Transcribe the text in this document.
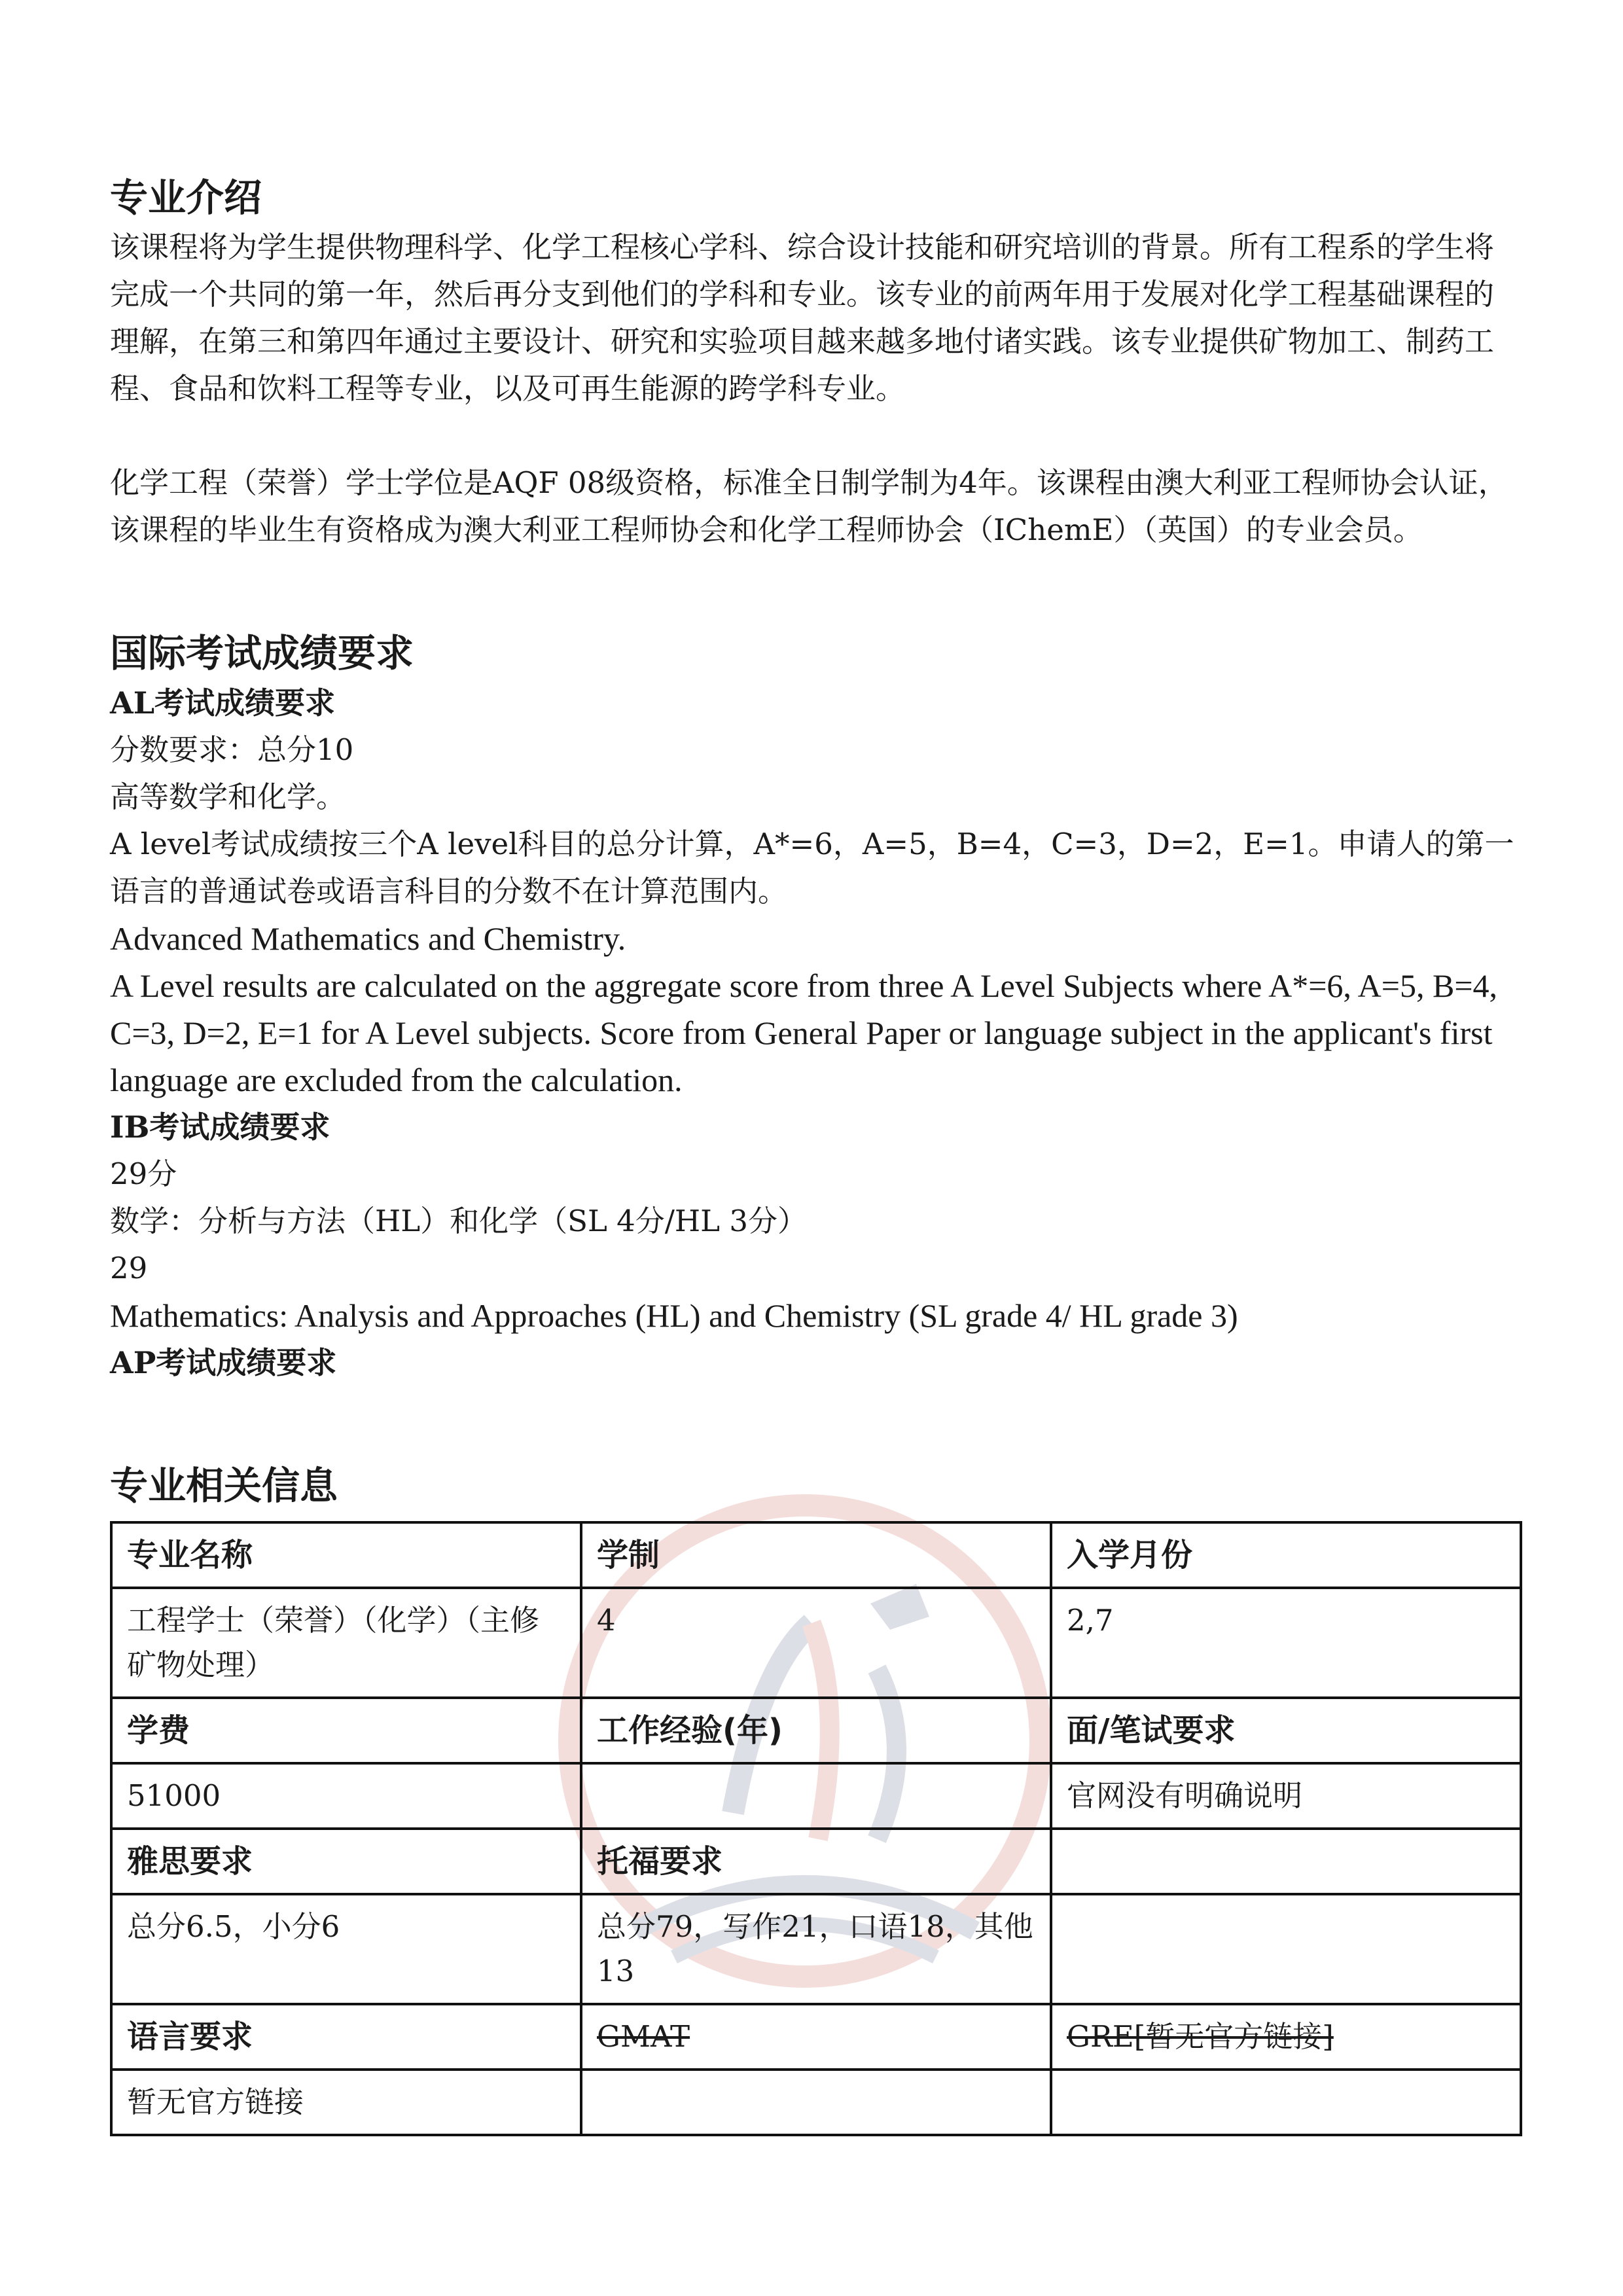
专业介绍

该课程将为学生提供物理科学、化学工程核心学科、综合设计技能和研究培训的背景。所有工程系的学生将完成一个共同的第一年，然后再分支到他们的学科和专业。该专业的前两年用于发展对化学工程基础课程的理解，在第三和第四年通过主要设计、研究和实验项目越来越多地付诸实践。该专业提供矿物加工、制药工程、食品和饮料工程等专业，以及可再生能源的跨学科专业。

化学工程（荣誉）学士学位是AQF 08级资格，标准全日制学制为4年。该课程由澳大利亚工程师协会认证，该课程的毕业生有资格成为澳大利亚工程师协会和化学工程师协会（IChemE）（英国）的专业会员。

国际考试成绩要求

AL考试成绩要求

分数要求：总分10

高等数学和化学。

A level考试成绩按三个A level科目的总分计算，A*=6，A=5，B=4，C=3，D=2，E=1。申请人的第一语言的普通试卷或语言科目的分数不在计算范围内。

Advanced Mathematics and Chemistry.

A Level results are calculated on the aggregate score from three A Level Subjects where A*=6, A=5, B=4, C=3, D=2, E=1 for A Level subjects. Score from General Paper or language subject in the applicant's first language are excluded from the calculation.

IB考试成绩要求

29分

数学：分析与方法（HL）和化学（SL 4分/HL 3分）

29

Mathematics: Analysis and Approaches (HL) and Chemistry (SL grade 4/ HL grade 3)

AP考试成绩要求

专业相关信息
专业名称	学制	入学月份
工程学士（荣誉）（化学）（主修矿物处理）	4	2,7
学费	工作经验(年)	面/笔试要求
51000		官网没有明确说明
雅思要求	托福要求	
总分6.5，小分6	总分79，写作21，口语18，其他13	
语言要求	GMAT	GRE[暂无官方链接]
暂无官方链接		
